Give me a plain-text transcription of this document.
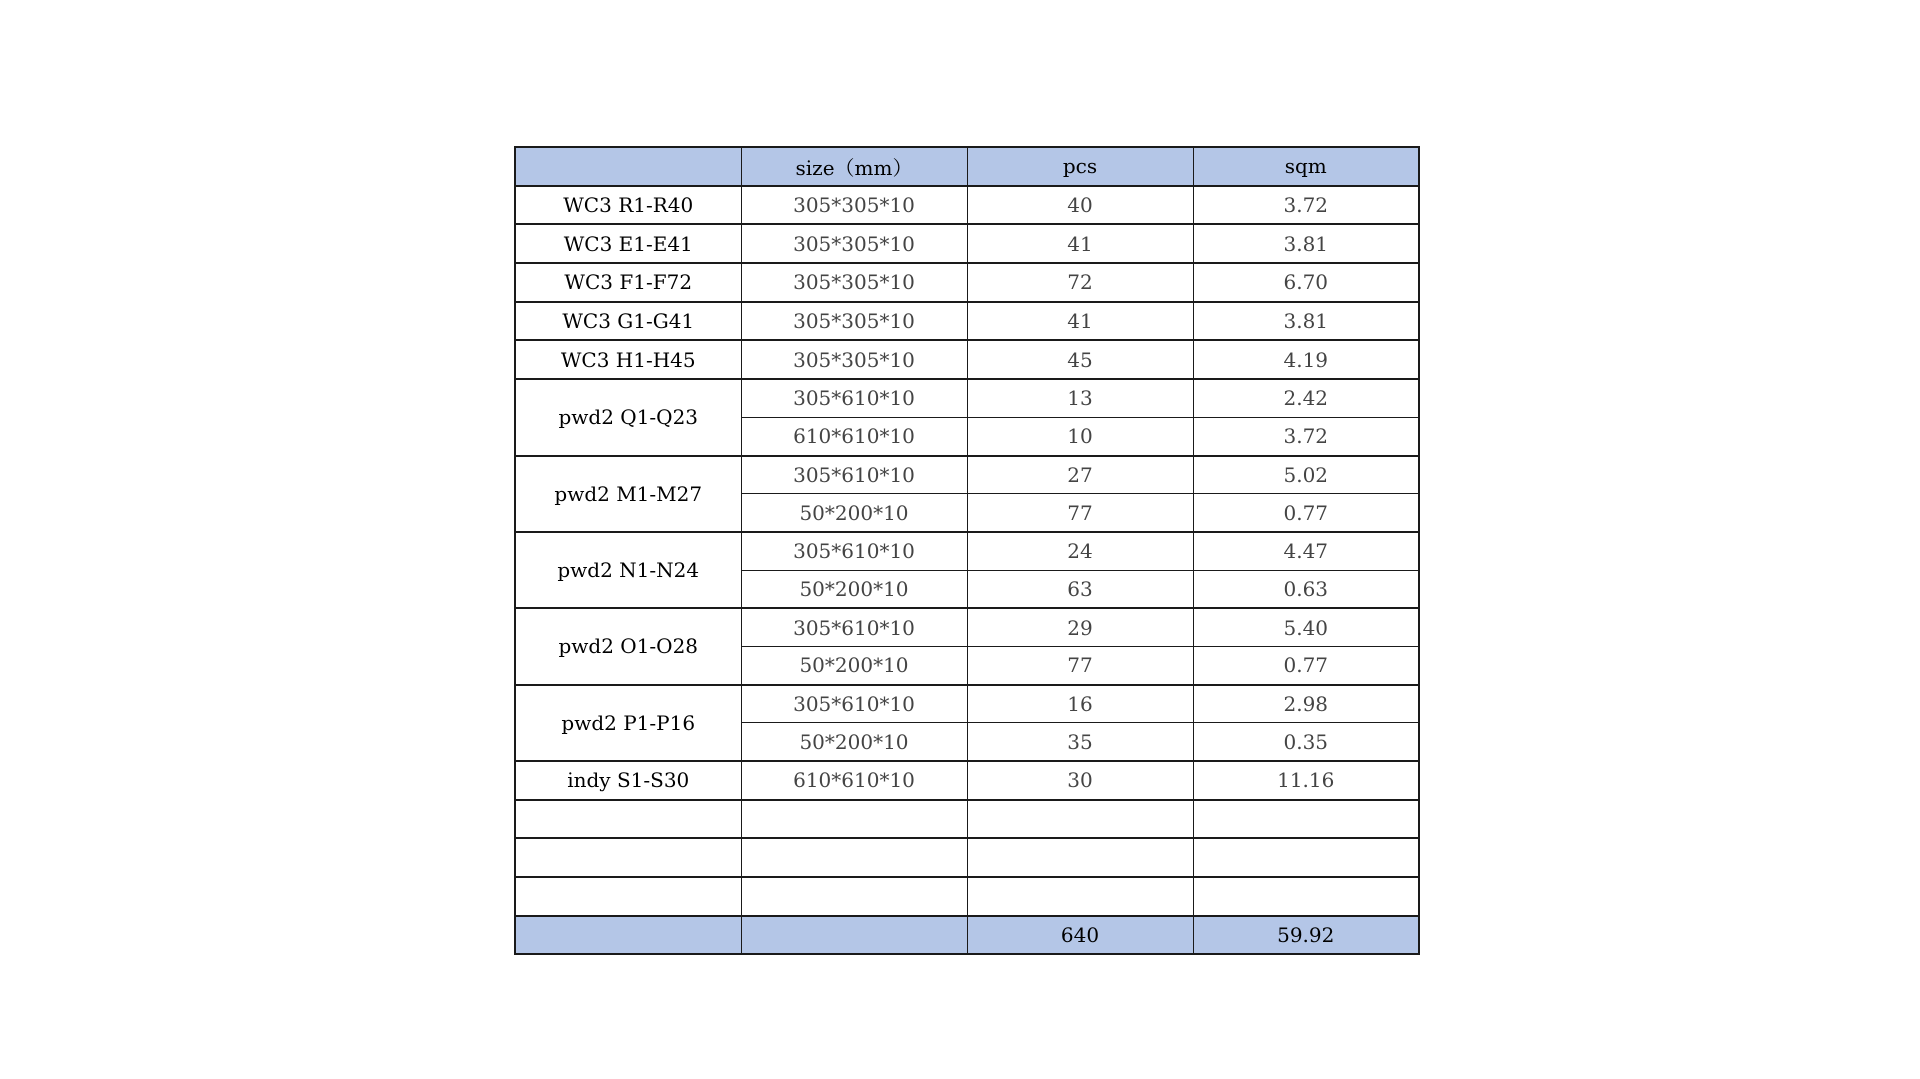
	size（mm）	pcs	sqm
WC3 R1-R40	305*305*10	40	3.72
WC3 E1-E41	305*305*10	41	3.81
WC3 F1-F72	305*305*10	72	6.70
WC3 G1-G41	305*305*10	41	3.81
WC3 H1-H45	305*305*10	45	4.19
pwd2 Q1-Q23	305*610*10	13	2.42
	610*610*10	10	3.72
pwd2 M1-M27	305*610*10	27	5.02
	50*200*10	77	0.77
pwd2 N1-N24	305*610*10	24	4.47
	50*200*10	63	0.63
pwd2 O1-O28	305*610*10	29	5.40
	50*200*10	77	0.77
pwd2 P1-P16	305*610*10	16	2.98
	50*200*10	35	0.35
indy S1-S30	610*610*10	30	11.16

		640	59.92
